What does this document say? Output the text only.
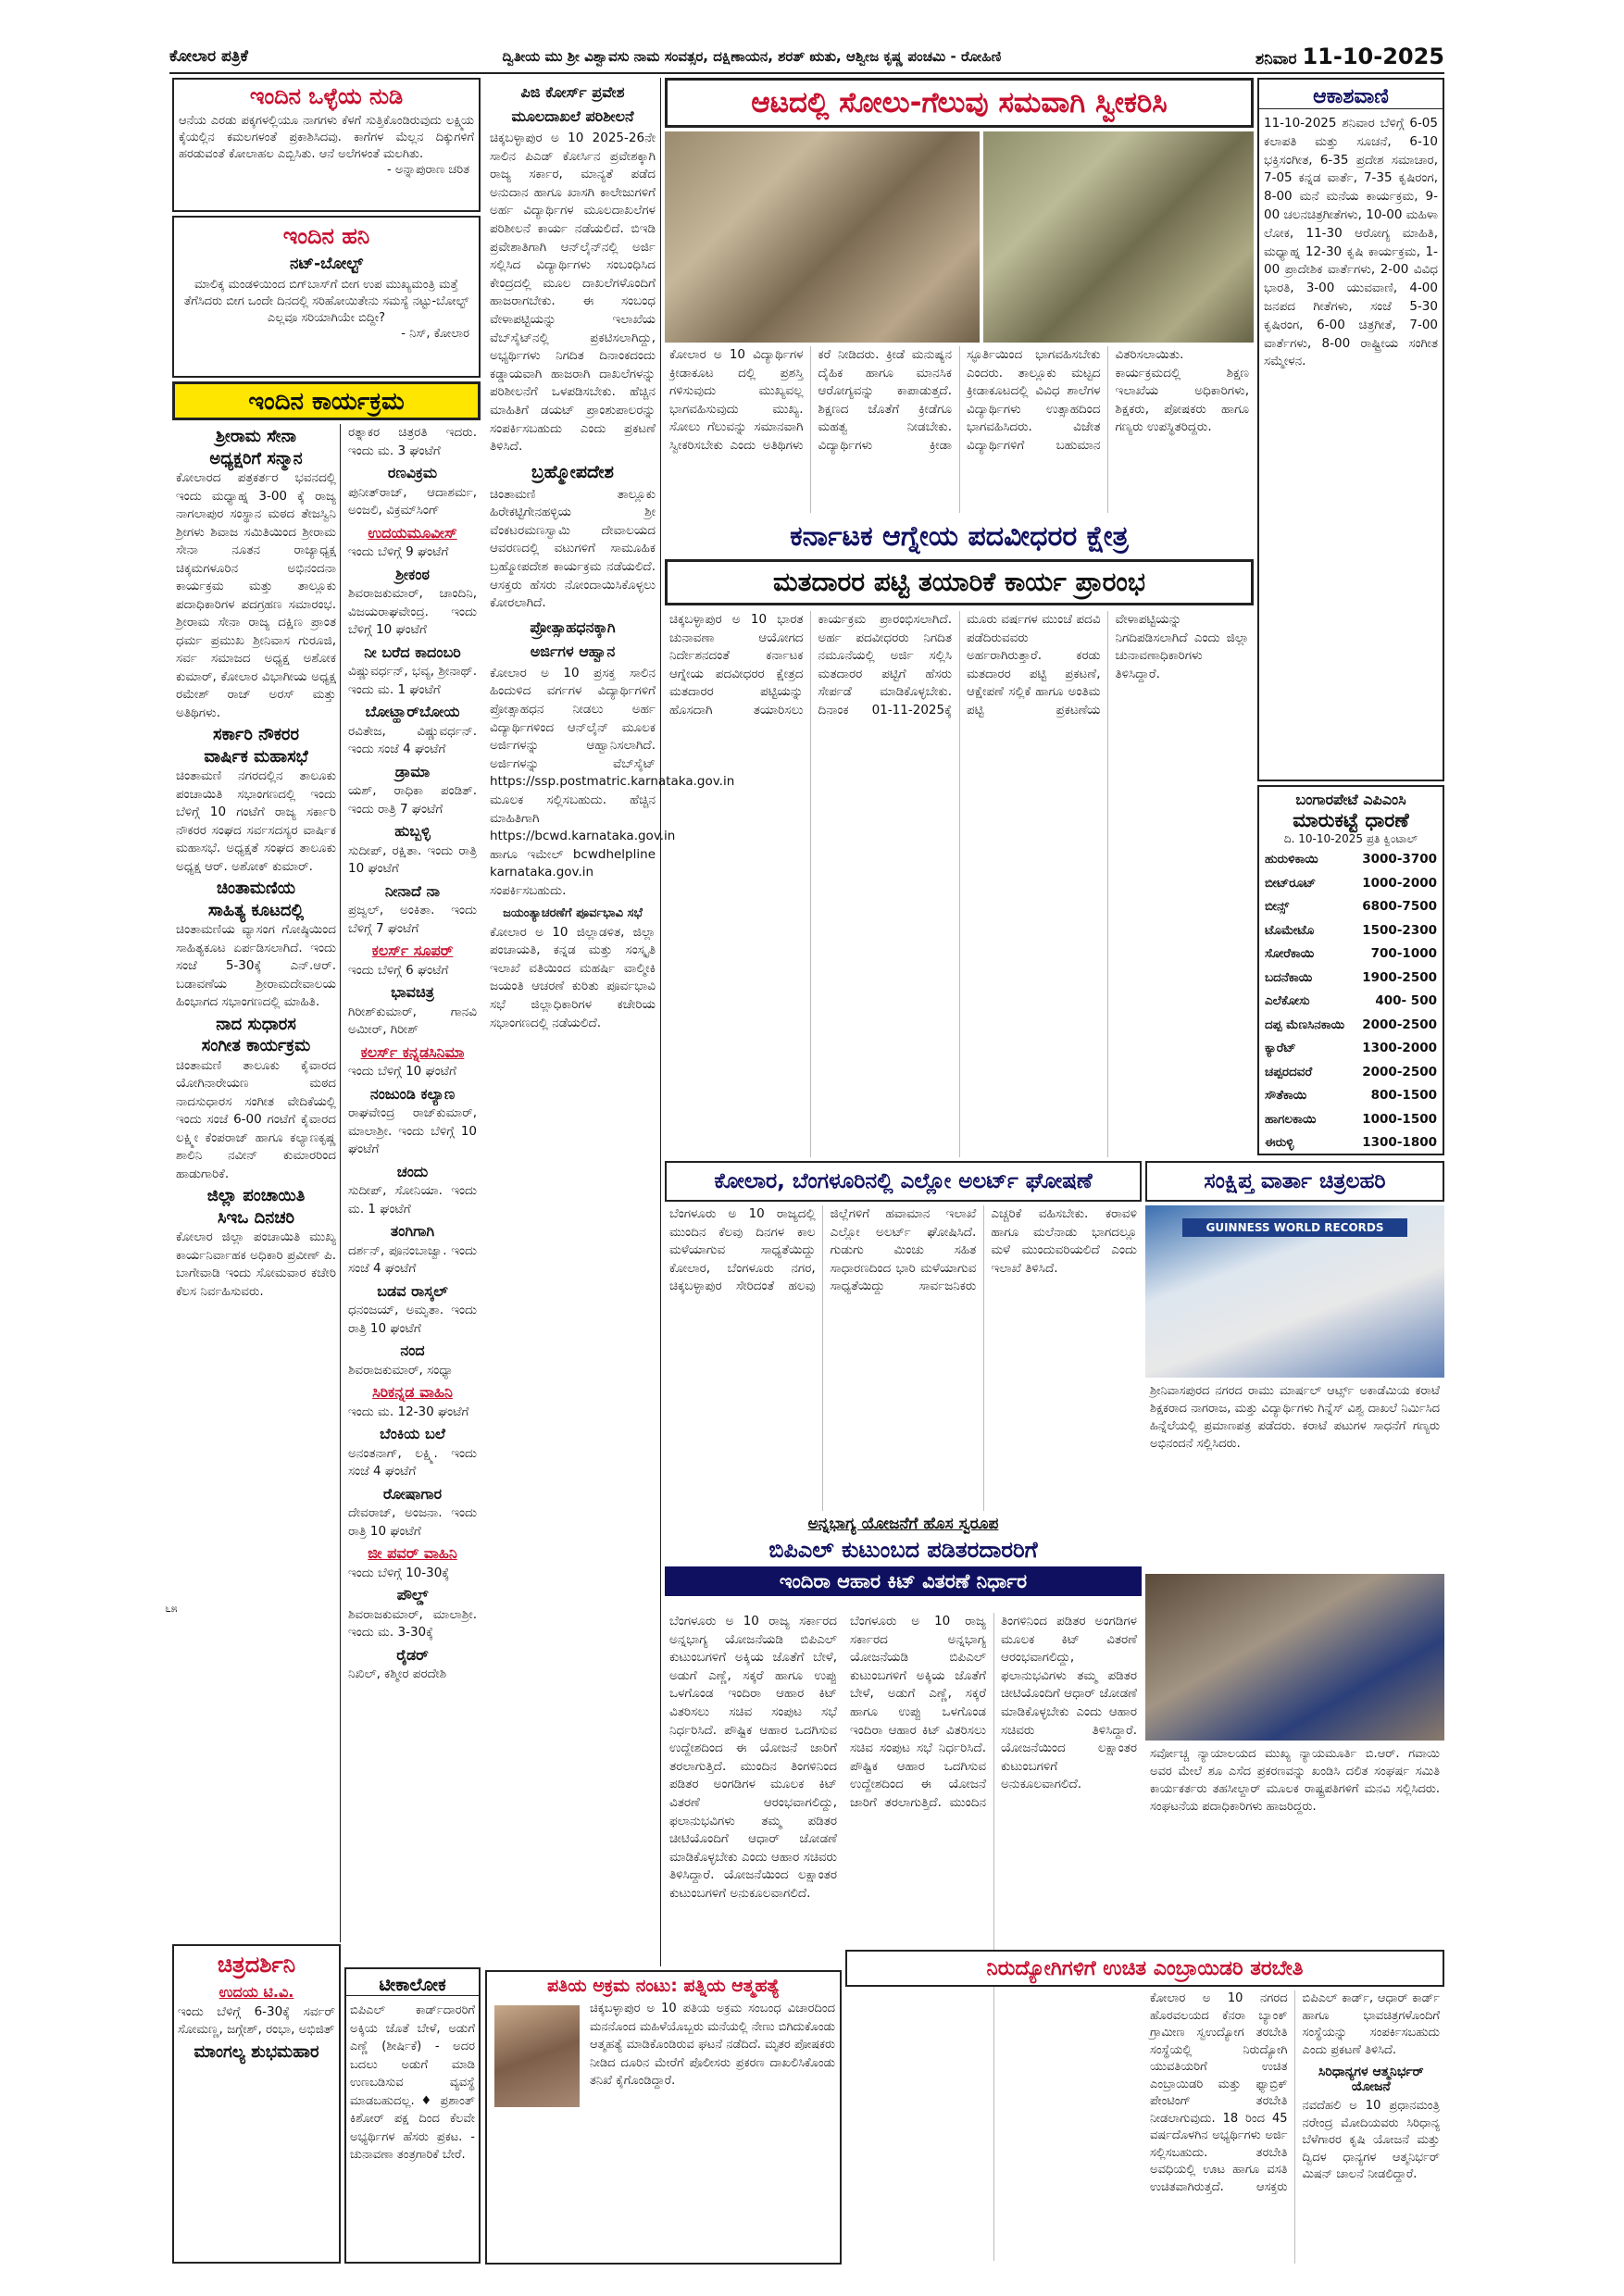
ಕೋಲಾರ ಪತ್ರಿಕೆ	ದ್ವಿತೀಯ ಮು ಶ್ರೀ ವಿಶ್ವಾವಸು ನಾಮ ಸಂವತ್ಸರ, ದಕ್ಷಿಣಾಯನ, ಶರತ್ ಋತು, ಆಶ್ವೀಜ ಕೃಷ್ಣ ಪಂಚಮಿ - ರೋಹಿಣಿ	ಶನಿವಾರ 11-10-2025
ಇಂದಿನ ಒಳ್ಳೆಯ ನುಡಿ
ಆನೆಯ ಎರಡು ಪಕ್ಕಗಳಲ್ಲಿಯೂ ನಾಗಗಳು ಕೆಳಗೆ ಸುತ್ತಿಕೊಂಡಿರುವುದು ಲಕ್ಷ್ಮಿಯ ಕೈಯಲ್ಲಿನ ಕಮಲಗಳಂತೆ ಪ್ರಕಾಶಿಸಿದವು. ಕಾಗೆಗಳ ಮೆಲ್ಲನ ದಿಕ್ಕುಗಳಿಗೆ ಹರಡುವಂತೆ ಕೋಲಾಹಲ ಎಬ್ಬಿಸಿತು. ಆನೆ ಅಲೆಗಳಂತೆ ಮಲಗಿತು.
- ಅನ್ನಾಪುರಾಣ ಚರಿತ
ಇಂದಿನ ಹನಿ
ನಟ್-ಬೋಲ್ಟ್
ಮಾಲಿಕ್ಕ ಮಂಡಳಿಯಿಂದ ಬಿಗ್‌ಬಾಸ್‌ಗೆ ಬೀಗ ಉಪ ಮುಖ್ಯಮಂತ್ರಿ ಮತ್ತೆ ತೆಗೆಸಿದರು ಬೀಗ ಒಂದೇ ದಿನದಲ್ಲಿ ಸರಿಹೋಯಿತೇನು ಸಮಸ್ಯೆ ನಟ್ಟು-ಬೋಲ್ಟ್ ಎಲ್ಲವೂ ಸರಿಯಾಗಿಯೇ ಬಿದ್ದೀ?
- ನಿಸ್, ಕೋಲಾರ
ಇಂದಿನ ಕಾರ್ಯಕ್ರಮ
ಶ್ರೀರಾಮ ಸೇನಾ
ಅಧ್ಯಕ್ಷರಿಗೆ ಸನ್ಮಾನ
ಕೋಲಾರದ ಪತ್ರಕರ್ತರ ಭವನದಲ್ಲಿ ಇಂದು ಮಧ್ಯಾಹ್ನ 3-00 ಕ್ಕೆ ರಾಜ್ಯ ನಾಗಲಾಪುರ ಸಂಸ್ಥಾನ ಮಠದ ತೇಜಸ್ವಿನಿ ಶ್ರೀಗಳು ಶಿವಾಜ ಸಮಿತಿಯಿಂದ ಶ್ರೀರಾಮ ಸೇನಾ ನೂತನ ರಾಜ್ಯಾಧ್ಯಕ್ಷ ಚಿಕ್ಕಮಗಳೂರಿನ ಅಭಿನಂದನಾ ಕಾರ್ಯಕ್ರಮ ಮತ್ತು ತಾಲ್ಲೂಕು ಪದಾಧಿಕಾರಿಗಳ ಪದಗ್ರಹಣ ಸಮಾರಂಭ. ಶ್ರೀರಾಮ ಸೇನಾ ರಾಜ್ಯ ದಕ್ಷಿಣ ಪ್ರಾಂತ ಧರ್ಮ ಪ್ರಮುಖ ಶ್ರೀನಿವಾಸ ಗುರೂಜಿ, ಸರ್ವ ಸಮಾಜದ ಅಧ್ಯಕ್ಷ ಅಶೋಕ ಕುಮಾರ್, ಕೋಲಾರ ವಿಭಾಗೀಯ ಅಧ್ಯಕ್ಷ ರಮೇಶ್ ರಾಜ್ ಅರಸ್ ಮತ್ತು ಅತಿಥಿಗಳು.
ಸರ್ಕಾರಿ ನೌಕರರ
ವಾರ್ಷಿಕ ಮಹಾಸಭೆ
ಚಿಂತಾಮಣಿ ನಗರದಲ್ಲಿನ ತಾಲೂಕು ಪಂಚಾಯಿತಿ ಸಭಾಂಗಣದಲ್ಲಿ ಇಂದು ಬೆಳಿಗ್ಗೆ 10 ಗಂಟೆಗೆ ರಾಜ್ಯ ಸರ್ಕಾರಿ ನೌಕರರ ಸಂಘದ ಸರ್ವಸದಸ್ಯರ ವಾರ್ಷಿಕ ಮಹಾಸಭೆ. ಅಧ್ಯಕ್ಷತೆ ಸಂಘದ ತಾಲೂಕು ಅಧ್ಯಕ್ಷ ಆರ್. ಅಶೋಕ್ ಕುಮಾರ್.
ಚಿಂತಾಮಣಿಯ
ಸಾಹಿತ್ಯ ಕೂಟದಲ್ಲಿ
ಚಿಂತಾಮಣಿಯ ವ್ಯಾಸಂಗ ಗೋಷ್ಠಿಯಿಂದ ಸಾಹಿತ್ಯಕೂಟ ಏರ್ಪಡಿಸಲಾಗಿದೆ. ಇಂದು ಸಂಜೆ 5-30ಕ್ಕೆ ಎನ್.ಆರ್. ಬಡಾವಣೆಯ ಶ್ರೀರಾಮದೇವಾಲಯ ಹಿಂಭಾಗದ ಸಭಾಂಗಣದಲ್ಲಿ ಮಾಹಿತಿ.
ನಾದ ಸುಧಾರಸ
ಸಂಗೀತ ಕಾರ್ಯಕ್ರಮ
ಚಿಂತಾಮಣಿ ತಾಲೂಕು ಕೈವಾರದ ಯೋಗಿನಾರೇಯಣ ಮಠದ ನಾದಸುಧಾರಸ ಸಂಗೀತ ವೇದಿಕೆಯಲ್ಲಿ ಇಂದು ಸಂಜೆ 6-00 ಗಂಟೆಗೆ ಕೈವಾರದ ಲಕ್ಷ್ಮೀ ಕೆಂಪರಾಜ್ ಹಾಗೂ ಕಲ್ಯಾಣಕೃಷ್ಣ ಶಾಲಿನಿ ನವೀನ್ ಕುಮಾರರಿಂದ ಹಾಡುಗಾರಿಕೆ.
ಜಿಲ್ಲಾ ಪಂಚಾಯಿತಿ
ಸಿಇಒ ದಿನಚರಿ
ಕೋಲಾರ ಜಿಲ್ಲಾ ಪಂಚಾಯಿತಿ ಮುಖ್ಯ ಕಾರ್ಯನಿರ್ವಾಹಕ ಅಧಿಕಾರಿ ಪ್ರವೀಣ್ ಪಿ. ಬಾಗೇವಾಡಿ ಇಂದು ಸೋಮವಾರ ಕಚೇರಿ ಕೆಲಸ ನಿರ್ವಹಿಸುವರು.
ಚಿತ್ರದರ್ಶಿನಿ
ಉದಯ ಟಿ.ವಿ.
ಇಂದು ಬೆಳಿಗ್ಗೆ 6-30ಕ್ಕೆ ಸರ್ವರ್ ಸೋಮಣ್ಣ, ಜಗ್ಗೇಶ್, ರಂಭಾ, ಅಭಿಜಿತ್
ಮಾಂಗಲ್ಯ ಶುಭಮಹಾರ
ರತ್ನಾಕರ ಚಿತ್ರರತಿ ಇದರು. ಇಂದು ಮ. 3 ಘಂಟೆಗೆ
ರಣವಿಕ್ರಮ
ಪುನೀತ್‌ರಾಜ್, ಆದಾಶರ್ಮ, ಅಂಜಲಿ, ವಿಕ್ರಮ್‌ಸಿಂಗ್
ಉದಯಮೂವೀಸ್
ಇಂದು ಬೆಳಿಗ್ಗೆ 9 ಘಂಟೆಗೆ
ಶ್ರೀಕಂಠ
ಶಿವರಾಜಕುಮಾರ್, ಚಾಂದಿನಿ, ವಿಜಯರಾಘವೇಂದ್ರ. ಇಂದು ಬೆಳಿಗ್ಗೆ 10 ಘಂಟೆಗೆ
ನೀ ಬರೆದ ಕಾದಂಬರಿ
ವಿಷ್ಣುವರ್ಧನ್, ಭವ್ಯ, ಶ್ರೀನಾಥ್. ಇಂದು ಮ. 1 ಘಂಟೆಗೆ
ಬೋಟ್ಹಾರ್‌ಬೋಯ
ರವಿತೇಜ, ವಿಷ್ಣುವರ್ಧನ್. ಇಂದು ಸಂಜೆ 4 ಘಂಟೆಗೆ
ಡ್ರಾಮಾ
ಯಶ್, ರಾಧಿಕಾ ಪಂಡಿತ್. ಇಂದು ರಾತ್ರಿ 7 ಘಂಟೆಗೆ
ಹುಬ್ಬಳ್ಳಿ
ಸುದೀಪ್, ರಕ್ಷಿತಾ. ಇಂದು ರಾತ್ರಿ 10 ಘಂಟೆಗೆ
ನೀನಾದೆ ನಾ
ಪ್ರಜ್ವಲ್, ಅಂಕಿತಾ. ಇಂದು ಬೆಳಿಗ್ಗೆ 7 ಘಂಟೆಗೆ
ಕಲರ್ಸ್ ಸೂಪರ್
ಇಂದು ಬೆಳಿಗ್ಗೆ 6 ಘಂಟೆಗೆ
ಭಾವಚಿತ್ರ
ಗಿರೀಶ್‌ಕುಮಾರ್, ಗಾನವಿ ಅಮೀರ್, ಗಿರೀಶ್
ಕಲರ್ಸ್ ಕನ್ನಡಸಿನಿಮಾ
ಇಂದು ಬೆಳಿಗ್ಗೆ 10 ಘಂಟೆಗೆ
ನಂಜುಂಡಿ ಕಲ್ಯಾಣ
ರಾಘವೇಂದ್ರ ರಾಜ್‌ಕುಮಾರ್, ಮಾಲಾಶ್ರೀ. ಇಂದು ಬೆಳಿಗ್ಗೆ 10 ಘಂಟೆಗೆ
ಚಂದು
ಸುದೀಪ್, ಸೋನಿಯಾ. ಇಂದು ಮ. 1 ಘಂಟೆಗೆ
ತಂಗಿಗಾಗಿ
ದರ್ಶನ್, ಪೂನಂಬಾಜ್ವಾ. ಇಂದು ಸಂಜೆ 4 ಘಂಟೆಗೆ
ಬಡವ ರಾಸ್ಕಲ್
ಧನಂಜಯ್, ಅಮೃತಾ. ಇಂದು ರಾತ್ರಿ 10 ಘಂಟೆಗೆ
ನಂದ
ಶಿವರಾಜಕುಮಾರ್, ಸಂಧ್ಯಾ
ಸಿರಿಕನ್ನಡ ವಾಹಿನಿ
ಇಂದು ಮ. 12-30 ಘಂಟೆಗೆ
ಬೆಂಕಿಯ ಬಲೆ
ಅನಂತನಾಗ್, ಲಕ್ಷ್ಮಿ. ಇಂದು ಸಂಜೆ 4 ಘಂಟೆಗೆ
ರೋಷಾಗಾರ
ದೇವರಾಜ್, ಅಂಜನಾ. ಇಂದು ರಾತ್ರಿ 10 ಘಂಟೆಗೆ
ಜೀ ಪವರ್ ವಾಹಿನಿ
ಇಂದು ಬೆಳಿಗ್ಗೆ 10-30ಕ್ಕೆ
ಪೌಲ್ಡ್
ಶಿವರಾಜಕುಮಾರ್, ಮಾಲಾಶ್ರೀ. ಇಂದು ಮ. 3-30ಕ್ಕೆ
ರೈಡರ್
ನಿಖಿಲ್, ಕಶ್ಮೀರ ಪರದೇಶಿ
ಟೀಕಾಲೋಕ
ಬಿಪಿಎಲ್ ಕಾರ್ಡ್‌ದಾರರಿಗೆ ಅಕ್ಕಿಯ ಜೊತೆ ಬೇಳೆ, ಅಡುಗೆ ಎಣ್ಣೆ (ಶೀರ್ಷಿಕೆ) - ಅದರ ಬದಲು ಅಡುಗೆ ಮಾಡಿ ಉಣಬಡಿಸುವ ವ್ಯವಸ್ಥೆ ಮಾಡಬಹುದಲ್ಲ. ♦ ಪ್ರಶಾಂತ್ ಕಿಶೋರ್ ಪಕ್ಷ ದಿಂದ ಕೆಲವೇ ಅಭ್ಯರ್ಥಿಗಳ ಹೆಸರು ಪ್ರಕಟ. - ಚುನಾವಣಾ ತಂತ್ರಗಾರಿಕೆ ಬೇರೆ.
೬೫
ಪಿಜಿ ಕೋರ್ಸ್ ಪ್ರವೇಶ
ಮೂಲದಾಖಲೆ ಪರಿಶೀಲನೆ
ಚಿಕ್ಕಬಳ್ಳಾಪುರ ಅ 10 2025-26ನೇ ಸಾಲಿನ ಪಿಎಡ್ ಕೋರ್ಸಿನ ಪ್ರವೇಶಕ್ಕಾಗಿ ರಾಜ್ಯ ಸರ್ಕಾರ, ಮಾನ್ಯತೆ ಪಡೆದ ಅನುದಾನ ಹಾಗೂ ಖಾಸಗಿ ಕಾಲೇಜುಗಳಿಗೆ ಅರ್ಹ ವಿದ್ಯಾರ್ಥಿಗಳ ಮೂಲದಾಖಲೆಗಳ ಪರಿಶೀಲನೆ ಕಾರ್ಯ ನಡೆಯಲಿದೆ. ಬಿಇಡಿ ಪ್ರವೇಶಾತಿಗಾಗಿ ಆನ್‌ಲೈನ್‌ನಲ್ಲಿ ಅರ್ಜಿ ಸಲ್ಲಿಸಿದ ವಿದ್ಯಾರ್ಥಿಗಳು ಸಂಬಂಧಿಸಿದ ಕೇಂದ್ರದಲ್ಲಿ ಮೂಲ ದಾಖಲೆಗಳೊಂದಿಗೆ ಹಾಜರಾಗಬೇಕು. ಈ ಸಂಬಂಧ ವೇಳಾಪಟ್ಟಿಯನ್ನು ಇಲಾಖೆಯ ವೆಬ್‌ಸೈಟ್‌ನಲ್ಲಿ ಪ್ರಕಟಿಸಲಾಗಿದ್ದು, ಅಭ್ಯರ್ಥಿಗಳು ನಿಗದಿತ ದಿನಾಂಕದಂದು ಕಡ್ಡಾಯವಾಗಿ ಹಾಜರಾಗಿ ದಾಖಲೆಗಳನ್ನು ಪರಿಶೀಲನೆಗೆ ಒಳಪಡಿಸಬೇಕು. ಹೆಚ್ಚಿನ ಮಾಹಿತಿಗೆ ಡಯಟ್ ಪ್ರಾಂಶುಪಾಲರನ್ನು ಸಂಪರ್ಕಿಸಬಹುದು ಎಂದು ಪ್ರಕಟಣೆ ತಿಳಿಸಿದೆ.
ಬ್ರಹ್ಮೋಪದೇಶ
ಚಿಂತಾಮಣಿ ತಾಲ್ಲೂಕು ಹಿರೇಕಟ್ಟಿಗೇನಹಳ್ಳಿಯ ಶ್ರೀ ವೆಂಕಟರಮಣಸ್ವಾಮಿ ದೇವಾಲಯದ ಆವರಣದಲ್ಲಿ ವಟುಗಳಿಗೆ ಸಾಮೂಹಿಕ ಬ್ರಹ್ಮೋಪದೇಶ ಕಾರ್ಯಕ್ರಮ ನಡೆಯಲಿದೆ. ಆಸಕ್ತರು ಹೆಸರು ನೋಂದಾಯಿಸಿಕೊಳ್ಳಲು ಕೋರಲಾಗಿದೆ.
ಪ್ರೋತ್ಸಾಹಧನಕ್ಕಾಗಿ
ಅರ್ಜಿಗಳ ಆಹ್ವಾನ
ಕೋಲಾರ ಅ 10 ಪ್ರಸಕ್ತ ಸಾಲಿನ ಹಿಂದುಳಿದ ವರ್ಗಗಳ ವಿದ್ಯಾರ್ಥಿಗಳಿಗೆ ಪ್ರೋತ್ಸಾಹಧನ ನೀಡಲು ಅರ್ಹ ವಿದ್ಯಾರ್ಥಿಗಳಿಂದ ಆನ್‌ಲೈನ್ ಮೂಲಕ ಅರ್ಜಿಗಳನ್ನು ಆಹ್ವಾನಿಸಲಾಗಿದೆ. ಅರ್ಜಿಗಳನ್ನು ವೆಬ್‌ಸೈಟ್ https://ssp.postmatric.karnataka.gov.in ಮೂಲಕ ಸಲ್ಲಿಸಬಹುದು. ಹೆಚ್ಚಿನ ಮಾಹಿತಿಗಾಗಿ https://bcwd.karnataka.gov.in ಹಾಗೂ ಇಮೇಲ್ bcwdhelpline karnataka.gov.in ಸಂಪರ್ಕಿಸಬಹುದು.
ಜಯಂತ್ಯಾಚರಣೆಗೆ ಪೂರ್ವಭಾವಿ ಸಭೆ
ಕೋಲಾರ ಅ 10 ಜಿಲ್ಲಾಡಳಿತ, ಜಿಲ್ಲಾ ಪಂಚಾಯತಿ, ಕನ್ನಡ ಮತ್ತು ಸಂಸ್ಕೃತಿ ಇಲಾಖೆ ವತಿಯಿಂದ ಮಹರ್ಷಿ ವಾಲ್ಮೀಕಿ ಜಯಂತಿ ಆಚರಣೆ ಕುರಿತು ಪೂರ್ವಭಾವಿ ಸಭೆ ಜಿಲ್ಲಾಧಿಕಾರಿಗಳ ಕಚೇರಿಯ ಸಭಾಂಗಣದಲ್ಲಿ ನಡೆಯಲಿದೆ.
ಪತಿಯ ಅಕ್ರಮ ನಂಟು: ಪತ್ನಿಯ ಆತ್ಮಹತ್ಯೆ
ಚಿಕ್ಕಬಳ್ಳಾಪುರ ಅ 10 ಪತಿಯ ಅಕ್ರಮ ಸಂಬಂಧ ವಿಚಾರದಿಂದ ಮನನೊಂದ ಮಹಿಳೆಯೊಬ್ಬರು ಮನೆಯಲ್ಲಿ ನೇಣು ಬಿಗಿದುಕೊಂಡು ಆತ್ಮಹತ್ಯೆ ಮಾಡಿಕೊಂಡಿರುವ ಘಟನೆ ನಡೆದಿದೆ. ಮೃತರ ಪೋಷಕರು ನೀಡಿದ ದೂರಿನ ಮೇರೆಗೆ ಪೊಲೀಸರು ಪ್ರಕರಣ ದಾಖಲಿಸಿಕೊಂಡು ತನಿಖೆ ಕೈಗೊಂಡಿದ್ದಾರೆ.
ಆಟದಲ್ಲಿ ಸೋಲು-ಗೆಲುವು ಸಮವಾಗಿ ಸ್ವೀಕರಿಸಿ
ಕೋಲಾರ ಅ 10 ವಿದ್ಯಾರ್ಥಿಗಳ ಕ್ರೀಡಾಕೂಟ ದಲ್ಲಿ ಪ್ರಶಸ್ತಿ ಗಳಿಸುವುದು ಮುಖ್ಯವಲ್ಲ ಭಾಗವಹಿಸುವುದು ಮುಖ್ಯ. ಸೋಲು ಗೆಲುವನ್ನು ಸಮಾನವಾಗಿ ಸ್ವೀಕರಿಸಬೇಕು ಎಂದು ಅತಿಥಿಗಳು ಕರೆ ನೀಡಿದರು. ಕ್ರೀಡೆ ಮನುಷ್ಯನ ದೈಹಿಕ ಹಾಗೂ ಮಾನಸಿಕ ಆರೋಗ್ಯವನ್ನು ಕಾಪಾಡುತ್ತದೆ. ಶಿಕ್ಷಣದ ಜೊತೆಗೆ ಕ್ರೀಡೆಗೂ ಮಹತ್ವ ನೀಡಬೇಕು. ವಿದ್ಯಾರ್ಥಿಗಳು ಕ್ರೀಡಾ ಸ್ಫೂರ್ತಿಯಿಂದ ಭಾಗವಹಿಸಬೇಕು ಎಂದರು. ತಾಲ್ಲೂಕು ಮಟ್ಟದ ಕ್ರೀಡಾಕೂಟದಲ್ಲಿ ವಿವಿಧ ಶಾಲೆಗಳ ವಿದ್ಯಾರ್ಥಿಗಳು ಉತ್ಸಾಹದಿಂದ ಭಾಗವಹಿಸಿದರು. ವಿಜೇತ ವಿದ್ಯಾರ್ಥಿಗಳಿಗೆ ಬಹುಮಾನ ವಿತರಿಸಲಾಯಿತು. ಕಾರ್ಯಕ್ರಮದಲ್ಲಿ ಶಿಕ್ಷಣ ಇಲಾಖೆಯ ಅಧಿಕಾರಿಗಳು, ಶಿಕ್ಷಕರು, ಪೋಷಕರು ಹಾಗೂ ಗಣ್ಯರು ಉಪಸ್ಥಿತರಿದ್ದರು.
ಕರ್ನಾಟಕ ಆಗ್ನೇಯ ಪದವೀಧರರ ಕ್ಷೇತ್ರ
ಮತದಾರರ ಪಟ್ಟಿ ತಯಾರಿಕೆ ಕಾರ್ಯ ಪ್ರಾರಂಭ
ಚಿಕ್ಕಬಳ್ಳಾಪುರ ಅ 10 ಭಾರತ ಚುನಾವಣಾ ಆಯೋಗದ ನಿರ್ದೇಶನದಂತೆ ಕರ್ನಾಟಕ ಆಗ್ನೇಯ ಪದವೀಧರರ ಕ್ಷೇತ್ರದ ಮತದಾರರ ಪಟ್ಟಿಯನ್ನು ಹೊಸದಾಗಿ ತಯಾರಿಸಲು ಕಾರ್ಯಕ್ರಮ ಪ್ರಾರಂಭಿಸಲಾಗಿದೆ. ಅರ್ಹ ಪದವೀಧರರು ನಿಗದಿತ ನಮೂನೆಯಲ್ಲಿ ಅರ್ಜಿ ಸಲ್ಲಿಸಿ ಮತದಾರರ ಪಟ್ಟಿಗೆ ಹೆಸರು ಸೇರ್ಪಡೆ ಮಾಡಿಕೊಳ್ಳಬೇಕು. ದಿನಾಂಕ 01-11-2025ಕ್ಕೆ ಮೂರು ವರ್ಷಗಳ ಮುಂಚೆ ಪದವಿ ಪಡೆದಿರುವವರು ಅರ್ಹರಾಗಿರುತ್ತಾರೆ. ಕರಡು ಮತದಾರರ ಪಟ್ಟಿ ಪ್ರಕಟಣೆ, ಆಕ್ಷೇಪಣೆ ಸಲ್ಲಿಕೆ ಹಾಗೂ ಅಂತಿಮ ಪಟ್ಟಿ ಪ್ರಕಟಣೆಯ ವೇಳಾಪಟ್ಟಿಯನ್ನು ನಿಗದಿಪಡಿಸಲಾಗಿದೆ ಎಂದು ಜಿಲ್ಲಾ ಚುನಾವಣಾಧಿಕಾರಿಗಳು ತಿಳಿಸಿದ್ದಾರೆ.
ಕೋಲಾರ, ಬೆಂಗಳೂರಿನಲ್ಲಿ ಎಲ್ಲೋ ಅಲರ್ಟ್ ಘೋಷಣೆ
ಬೆಂಗಳೂರು ಅ 10 ರಾಜ್ಯದಲ್ಲಿ ಮುಂದಿನ ಕೆಲವು ದಿನಗಳ ಕಾಲ ಮಳೆಯಾಗುವ ಸಾಧ್ಯತೆಯಿದ್ದು ಕೋಲಾರ, ಬೆಂಗಳೂರು ನಗರ, ಚಿಕ್ಕಬಳ್ಳಾಪುರ ಸೇರಿದಂತೆ ಹಲವು ಜಿಲ್ಲೆಗಳಿಗೆ ಹವಾಮಾನ ಇಲಾಖೆ ಎಲ್ಲೋ ಅಲರ್ಟ್ ಘೋಷಿಸಿದೆ. ಗುಡುಗು ಮಿಂಚು ಸಹಿತ ಸಾಧಾರಣದಿಂದ ಭಾರಿ ಮಳೆಯಾಗುವ ಸಾಧ್ಯತೆಯಿದ್ದು ಸಾರ್ವಜನಿಕರು ಎಚ್ಚರಿಕೆ ವಹಿಸಬೇಕು. ಕರಾವಳಿ ಹಾಗೂ ಮಲೆನಾಡು ಭಾಗದಲ್ಲೂ ಮಳೆ ಮುಂದುವರಿಯಲಿದೆ ಎಂದು ಇಲಾಖೆ ತಿಳಿಸಿದೆ.
ಅನ್ನಭಾಗ್ಯ ಯೋಜನೆಗೆ ಹೊಸ ಸ್ವರೂಪ
ಬಿಪಿಎಲ್ ಕುಟುಂಬದ ಪಡಿತರದಾರರಿಗೆ
ಇಂದಿರಾ ಆಹಾರ ಕಿಟ್ ವಿತರಣೆ ನಿರ್ಧಾರ
ಬೆಂಗಳೂರು ಅ 10 ರಾಜ್ಯ ಸರ್ಕಾರದ ಅನ್ನಭಾಗ್ಯ ಯೋಜನೆಯಡಿ ಬಿಪಿಎಲ್ ಕುಟುಂಬಗಳಿಗೆ ಅಕ್ಕಿಯ ಜೊತೆಗೆ ಬೇಳೆ, ಅಡುಗೆ ಎಣ್ಣೆ, ಸಕ್ಕರೆ ಹಾಗೂ ಉಪ್ಪು ಒಳಗೊಂಡ ಇಂದಿರಾ ಆಹಾರ ಕಿಟ್ ವಿತರಿಸಲು ಸಚಿವ ಸಂಪುಟ ಸಭೆ ನಿರ್ಧರಿಸಿದೆ. ಪೌಷ್ಟಿಕ ಆಹಾರ ಒದಗಿಸುವ ಉದ್ದೇಶದಿಂದ ಈ ಯೋಜನೆ ಜಾರಿಗೆ ತರಲಾಗುತ್ತಿದೆ. ಮುಂದಿನ ತಿಂಗಳಿನಿಂದ ಪಡಿತರ ಅಂಗಡಿಗಳ ಮೂಲಕ ಕಿಟ್ ವಿತರಣೆ ಆರಂಭವಾಗಲಿದ್ದು, ಫಲಾನುಭವಿಗಳು ತಮ್ಮ ಪಡಿತರ ಚೀಟಿಯೊಂದಿಗೆ ಆಧಾರ್ ಜೋಡಣೆ ಮಾಡಿಕೊಳ್ಳಬೇಕು ಎಂದು ಆಹಾರ ಸಚಿವರು ತಿಳಿಸಿದ್ದಾರೆ. ಯೋಜನೆಯಿಂದ ಲಕ್ಷಾಂತರ ಕುಟುಂಬಗಳಿಗೆ ಅನುಕೂಲವಾಗಲಿದೆ.
ಬೆಂಗಳೂರು ಅ 10 ರಾಜ್ಯ ಸರ್ಕಾರದ ಅನ್ನಭಾಗ್ಯ ಯೋಜನೆಯಡಿ ಬಿಪಿಎಲ್ ಕುಟುಂಬಗಳಿಗೆ ಅಕ್ಕಿಯ ಜೊತೆಗೆ ಬೇಳೆ, ಅಡುಗೆ ಎಣ್ಣೆ, ಸಕ್ಕರೆ ಹಾಗೂ ಉಪ್ಪು ಒಳಗೊಂಡ ಇಂದಿರಾ ಆಹಾರ ಕಿಟ್ ವಿತರಿಸಲು ಸಚಿವ ಸಂಪುಟ ಸಭೆ ನಿರ್ಧರಿಸಿದೆ. ಪೌಷ್ಟಿಕ ಆಹಾರ ಒದಗಿಸುವ ಉದ್ದೇಶದಿಂದ ಈ ಯೋಜನೆ ಜಾರಿಗೆ ತರಲಾಗುತ್ತಿದೆ. ಮುಂದಿನ ತಿಂಗಳಿನಿಂದ ಪಡಿತರ ಅಂಗಡಿಗಳ ಮೂಲಕ ಕಿಟ್ ವಿತರಣೆ ಆರಂಭವಾಗಲಿದ್ದು, ಫಲಾನುಭವಿಗಳು ತಮ್ಮ ಪಡಿತರ ಚೀಟಿಯೊಂದಿಗೆ ಆಧಾರ್ ಜೋಡಣೆ ಮಾಡಿಕೊಳ್ಳಬೇಕು ಎಂದು ಆಹಾರ ಸಚಿವರು ತಿಳಿಸಿದ್ದಾರೆ. ಯೋಜನೆಯಿಂದ ಲಕ್ಷಾಂತರ ಕುಟುಂಬಗಳಿಗೆ ಅನುಕೂಲವಾಗಲಿದೆ.
ಆಕಾಶವಾಣಿ
11-10-2025 ಶನಿವಾರ ಬೆಳಿಗ್ಗೆ 6-05 ಕಲಾಪತಿ ಮತ್ತು ಸೂಚನೆ, 6-10 ಭಕ್ತಿಸಂಗೀತ, 6-35 ಪ್ರದೇಶ ಸಮಾಚಾರ, 7-05 ಕನ್ನಡ ವಾರ್ತೆ, 7-35 ಕೃಷಿರಂಗ, 8-00 ಮನೆ ಮನೆಯ ಕಾರ್ಯಕ್ರಮ, 9-00 ಚಲನಚಿತ್ರಗೀತೆಗಳು, 10-00 ಮಹಿಳಾ ಲೋಕ, 11-30 ಆರೋಗ್ಯ ಮಾಹಿತಿ, ಮಧ್ಯಾಹ್ನ 12-30 ಕೃಷಿ ಕಾರ್ಯಕ್ರಮ, 1-00 ಪ್ರಾದೇಶಿಕ ವಾರ್ತೆಗಳು, 2-00 ವಿವಿಧ ಭಾರತಿ, 3-00 ಯುವವಾಣಿ, 4-00 ಜನಪದ ಗೀತೆಗಳು, ಸಂಜೆ 5-30 ಕೃಷಿರಂಗ, 6-00 ಚಿತ್ರಗೀತೆ, 7-00 ವಾರ್ತೆಗಳು, 8-00 ರಾಷ್ಟ್ರೀಯ ಸಂಗೀತ ಸಮ್ಮೇಳನ.
ಬಂಗಾರಪೇಟೆ ಎಪಿಎಂಸಿ
ಮಾರುಕಟ್ಟೆ ಧಾರಣೆ
ದಿ. 10-10-2025 ಪ್ರತಿ ಕ್ವಿಂಟಾಲ್
ಹುರುಳಿಕಾಯಿ	3000-3700
ಬೀಟ್‌ರೂಟ್	1000-2000
ಬೀನ್ಸ್	6800-7500
ಟೊಮೇಟೊ	1500-2300
ಸೋರೆಕಾಯಿ	700-1000
ಬದನೆಕಾಯಿ	1900-2500
ಎಲೆಕೋಸು	400- 500
ದಪ್ಪ ಮೆಣಸಿನಕಾಯಿ 2000-2500
ಕ್ಯಾರೆಟ್	1300-2000
ಚಪ್ಪರದವರೆ	2000-2500
ಸೌತೆಕಾಯಿ	800-1500
ಹಾಗಲಕಾಯಿ	1000-1500
ಈರುಳ್ಳಿ	1300-1800
ಸಂಕ್ಷಿಪ್ತ ವಾರ್ತಾ ಚಿತ್ರಲಹರಿ
GUINNESS WORLD RECORDS
ಶ್ರೀನಿವಾಸಪುರದ ನಗರದ ರಾಮು ಮಾರ್ಷಲ್ ಆರ್ಟ್ಸ್ ಅಕಾಡೆಮಿಯ ಕರಾಟೆ ಶಿಕ್ಷಕರಾದ ನಾಗರಾಜ, ಮತ್ತು ವಿದ್ಯಾರ್ಥಿಗಳು ಗಿನ್ನೆಸ್ ವಿಶ್ವ ದಾಖಲೆ ನಿರ್ಮಿಸಿದ ಹಿನ್ನೆಲೆಯಲ್ಲಿ ಪ್ರಮಾಣಪತ್ರ ಪಡೆದರು. ಕರಾಟೆ ಪಟುಗಳ ಸಾಧನೆಗೆ ಗಣ್ಯರು ಅಭಿನಂದನೆ ಸಲ್ಲಿಸಿದರು.
ಸರ್ವೋಚ್ಚ ನ್ಯಾಯಾಲಯದ ಮುಖ್ಯ ನ್ಯಾಯಮೂರ್ತಿ ಬಿ.ಆರ್. ಗವಾಯಿ ಅವರ ಮೇಲೆ ಶೂ ಎಸೆದ ಪ್ರಕರಣವನ್ನು ಖಂಡಿಸಿ ದಲಿತ ಸಂಘರ್ಷ ಸಮಿತಿ ಕಾರ್ಯಕರ್ತರು ತಹಸೀಲ್ದಾರ್ ಮೂಲಕ ರಾಷ್ಟ್ರಪತಿಗಳಿಗೆ ಮನವಿ ಸಲ್ಲಿಸಿದರು. ಸಂಘಟನೆಯ ಪದಾಧಿಕಾರಿಗಳು ಹಾಜರಿದ್ದರು.
ನಿರುದ್ಯೋಗಿಗಳಿಗೆ ಉಚಿತ ಎಂಬ್ರಾಯಿಡರಿ ತರಬೇತಿ
ಕೋಲಾರ ಅ 10 ನಗರದ ಹೊರವಲಯದ ಕೆನರಾ ಬ್ಯಾಂಕ್ ಗ್ರಾಮೀಣ ಸ್ವಉದ್ಯೋಗ ತರಬೇತಿ ಸಂಸ್ಥೆಯಲ್ಲಿ ನಿರುದ್ಯೋಗಿ ಯುವತಿಯರಿಗೆ ಉಚಿತ ಎಂಬ್ರಾಯಿಡರಿ ಮತ್ತು ಫ್ಯಾಬ್ರಿಕ್ ಪೇಂಟಿಂಗ್ ತರಬೇತಿ ನೀಡಲಾಗುವುದು. 18 ರಿಂದ 45 ವರ್ಷದೊಳಗಿನ ಅಭ್ಯರ್ಥಿಗಳು ಅರ್ಜಿ ಸಲ್ಲಿಸಬಹುದು. ತರಬೇತಿ ಅವಧಿಯಲ್ಲಿ ಊಟ ಹಾಗೂ ವಸತಿ ಉಚಿತವಾಗಿರುತ್ತದೆ. ಆಸಕ್ತರು ಬಿಪಿಎಲ್ ಕಾರ್ಡ್, ಆಧಾರ್ ಕಾರ್ಡ್ ಹಾಗೂ ಭಾವಚಿತ್ರಗಳೊಂದಿಗೆ ಸಂಸ್ಥೆಯನ್ನು ಸಂಪರ್ಕಿಸಬಹುದು ಎಂದು ಪ್ರಕಟಣೆ ತಿಳಿಸಿದೆ.
ಸಿರಿಧಾನ್ಯಗಳ ಆತ್ಮನಿರ್ಭರ್ ಯೋಜನೆ
ನವದೆಹಲಿ ಅ 10 ಪ್ರಧಾನಮಂತ್ರಿ ನರೇಂದ್ರ ಮೋದಿಯವರು ಸಿರಿಧಾನ್ಯ ಬೆಳೆಗಾರರ ಕೃಷಿ ಯೋಜನೆ ಮತ್ತು ದ್ವಿದಳ ಧಾನ್ಯಗಳ ಆತ್ಮನಿರ್ಭರ್ ಮಿಷನ್ ಚಾಲನೆ ನೀಡಲಿದ್ದಾರೆ.
